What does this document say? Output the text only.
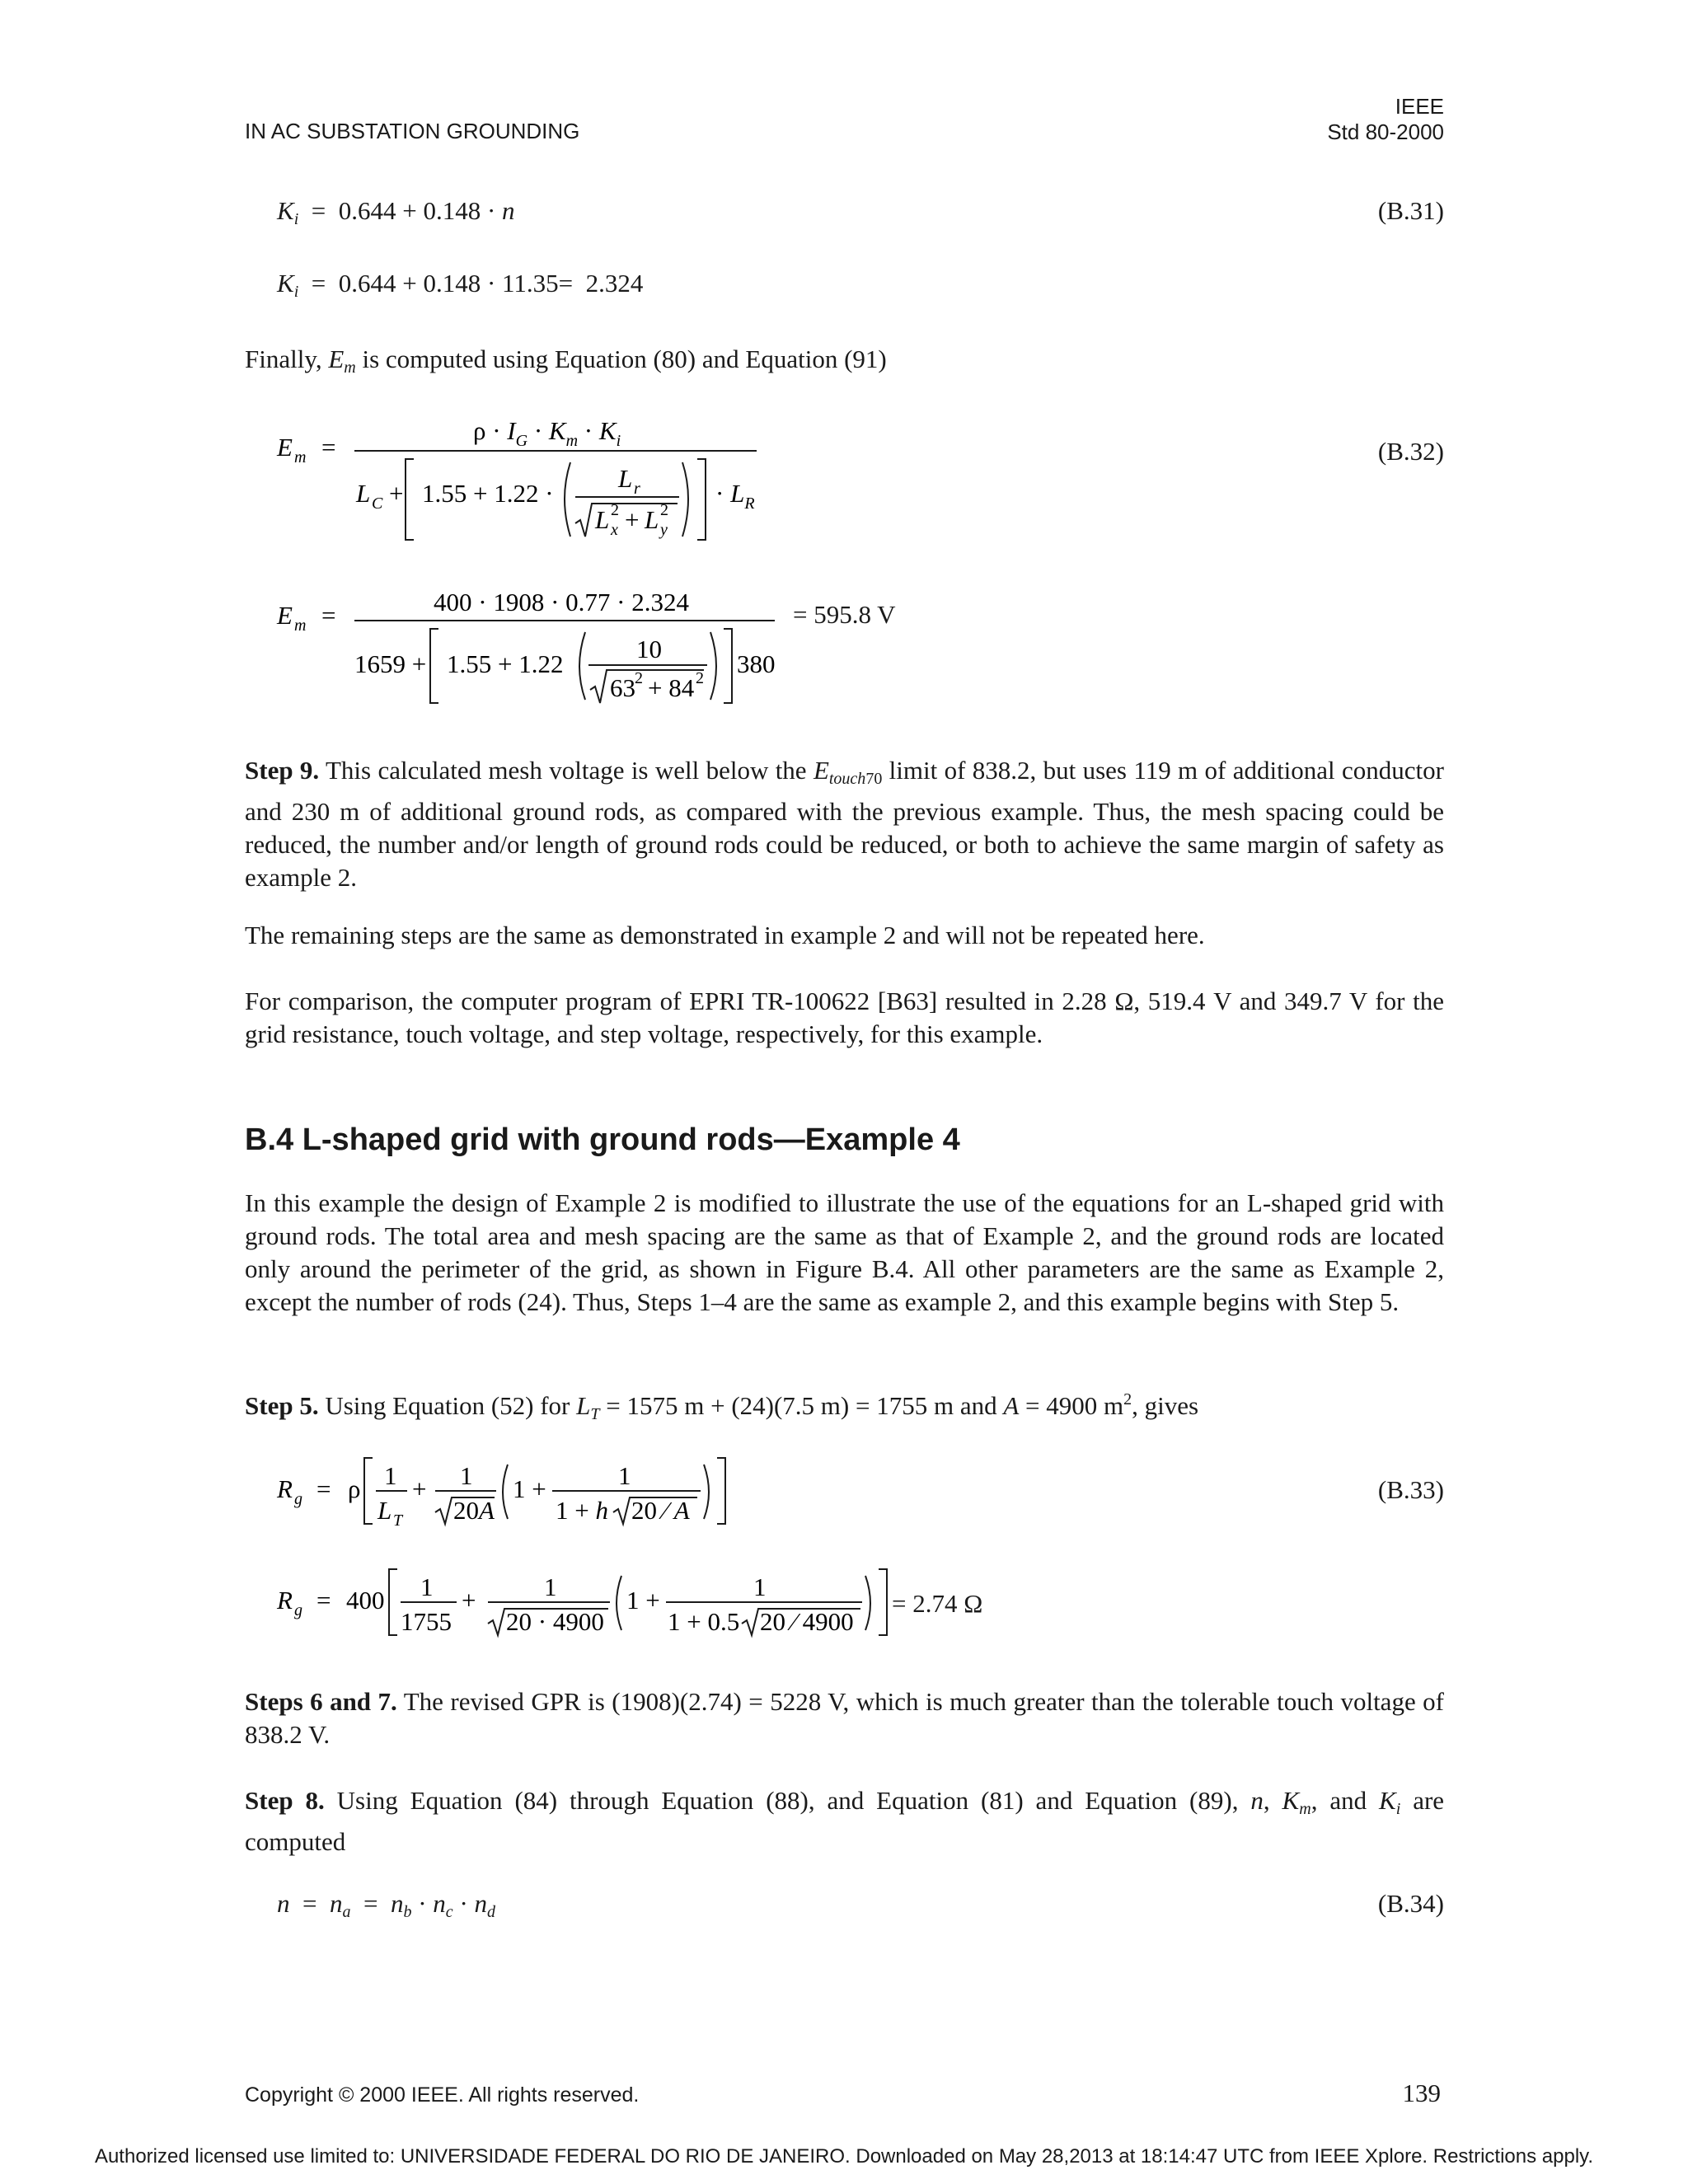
IN AC SUBSTATION GROUNDING
IEEE
Std 80-2000
$K_i = 0.644 + 0.148 \cdot n$	(B.31)
$K_i = 0.644 + 0.148 \cdot 11.35= 2.324$
Finally, $E_m$ is computed using Equation (80) and Equation (91)
E m =
$\rho \cdot I_G \cdot K_m \cdot K_i$
L C + 1.55 + 1.22 ·
L r
L 2
x + L 2
y
· $L_R$
(B.32)
E m =	400 · 1908 · 0.77 · 2.324
1659 + 1.55 + 1.22
10
63 2 + 84 2 380
= 595.8 V
Step 9. This calculated mesh voltage is well below the $E_{touch70}$ limit of 838.2, but uses 119 m of additional conductor and 230 m of additional ground rods, as compared with the previous example. Thus, the mesh spacing could be reduced, the number and/or length of ground rods could be reduced, or both to achieve the same margin of safety as example 2.
The remaining steps are the same as demonstrated in example 2 and will not be repeated here.
For comparison, the computer program of EPRI TR-100622 [B63] resulted in 2.28 Ω, 519.4 V and 349.7 V for the grid resistance, touch voltage, and step voltage, respectively, for this example.
B.4 L-shaped grid with ground rods—Example 4
In this example the design of Example 2 is modified to illustrate the use of the equations for an L-shaped grid with ground rods. The total area and mesh spacing are the same as that of Example 2, and the ground rods are located only around the perimeter of the grid, as shown in Figure B.4. All other parameters are the same as Example 2, except the number of rods (24). Thus, Steps 1–4 are the same as example 2, and this example begins with Step 5.
Step 5. Using Equation (52) for $L_T = 1575$ m + (24)(7.5 m) = 1755 m and A = 4900 $m^2$, gives
R g = ρ 1
L T
+ 1
20A
1 +	1
1 + h 20 ⁄ A
(B.33)
R g = 400 1
1755
+	1
20 · 4900
1 +	1
1 + 0.5 20 ⁄ 4900
= 2.74 Ω
Steps 6 and 7. The revised GPR is (1908)(2.74) = 5228 V, which is much greater than the tolerable touch voltage of 838.2 V.
Step 8. Using Equation (84) through Equation (88), and Equation (81) and Equation (89), n, $K_m$, and $K_i$ are computed
$n = n_a = n_b \cdot n_c \cdot n_d$	(B.34)
Copyright © 2000 IEEE. All rights reserved.	139
Authorized licensed use limited to: UNIVERSIDADE FEDERAL DO RIO DE JANEIRO. Downloaded on May 28,2013 at 18:14:47 UTC from IEEE Xplore. Restrictions apply.
